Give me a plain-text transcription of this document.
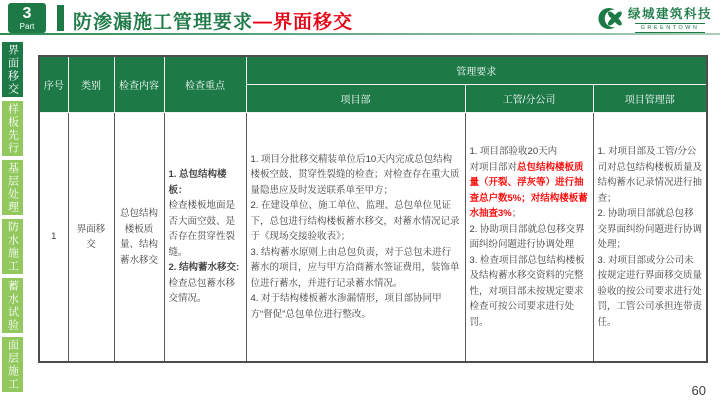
3
Part	防渗漏施工管理要求—界面移交	绿城建筑科技
GREENTOWN
界面移交
样板先行
基层处理
防水施工
蓄水试验
面层施工
序号	类别	检查内容	检查重点	管理要求		
				项目部	工管/分公司	项目管理部
1	界面移交	总包结构楼板质量、结构蓄水移交	1. 总包结构楼板：
检查楼板地面是否大面空鼓、是否存在贯穿性裂缝。
2. 结构蓄水移交:
检查总包蓄水移交情况。	1. 项目分批移交精装单位后10天内完成总包结构楼板空鼓、贯穿性裂缝的检查；对检查存在重大质量隐患应及时发送联系单至甲方；
2. 在建设单位、施工单位、监理、总包单位见证下，总包进行结构楼板蓄水移交，对蓄水情况记录于《现场交接验收表》；
3. 结构蓄水原则上由总包负责，对于总包未进行蓄水的项目，应与甲方洽商蓄水签证费用，装饰单位进行蓄水，并进行记录蓄水情况。
4. 对于结构楼板蓄水渗漏情形，项目部协同甲方“督促”总包单位进行整改。	1. 项目部验收20天内
对项目部对总包结构楼板质量（开裂、浮灰等）进行抽查总户数5%；对结构楼板蓄水抽查3%；
2. 协助项目部就总包移交界面纠纷问题进行协调处理
3. 检查项目部总包结构楼板及结构蓄水移交资料的完整性，对项目部未按规定要求检查可按公司要求进行处罚。	1. 对项目部及工管/分公司对总包结构楼板质量及结构蓄水记录情况进行抽查；
2. 协助项目部就总包移交界面纠纷问题进行协调处理；
3. 对项目部或分公司未按规定进行界面移交质量验收的按公司要求进行处罚，工管公司承担连带责任。
60
